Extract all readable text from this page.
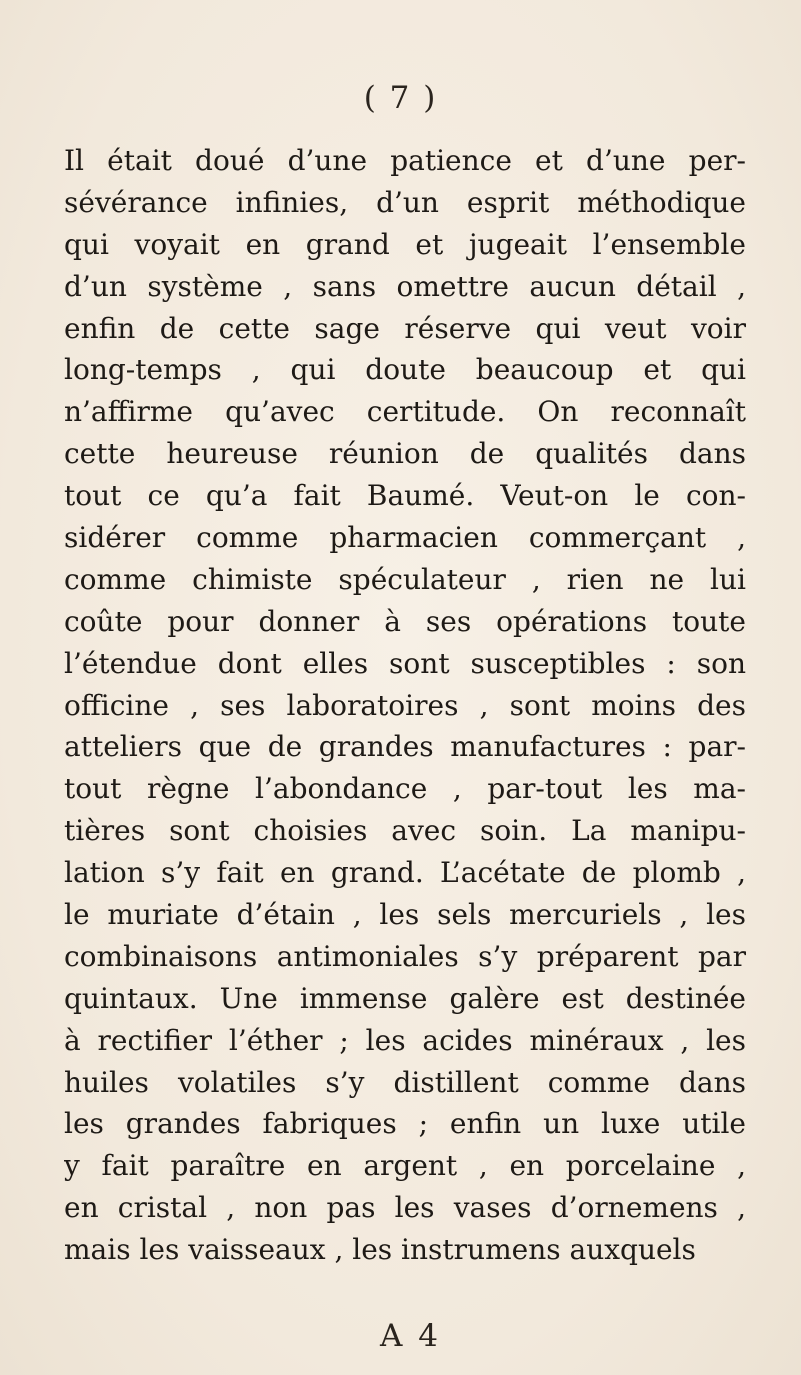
( 7 )
Il était doué d’une patience et d’une per-
sévérance infinies, d’un esprit méthodique
qui voyait en grand et jugeait l’ensemble
d’un système , sans omettre aucun détail ,
enfin de cette sage réserve qui veut voir
long-temps , qui doute beaucoup et qui
n’affirme qu’avec certitude. On reconnaît
cette heureuse réunion de qualités dans
tout ce qu’a fait Baumé. Veut-on le con-
sidérer comme pharmacien commerçant ,
comme chimiste spéculateur , rien ne lui
coûte pour donner à ses opérations toute
l’étendue dont elles sont susceptibles : son
officine , ses laboratoires , sont moins des
atteliers que de grandes manufactures : par-
tout règne l’abondance , par-tout les ma-
tières sont choisies avec soin. La manipu-
lation s’y fait en grand. L’acétate de plomb ,
le muriate d’étain , les sels mercuriels , les
combinaisons antimoniales s’y préparent par
quintaux. Une immense galère est destinée
à rectifier l’éther ; les acides minéraux , les
huiles volatiles s’y distillent comme dans
les grandes fabriques ; enfin un luxe utile
y fait paraître en argent , en porcelaine ,
en cristal , non pas les vases d’ornemens ,
mais les vaisseaux , les instrumens auxquels
A 4
